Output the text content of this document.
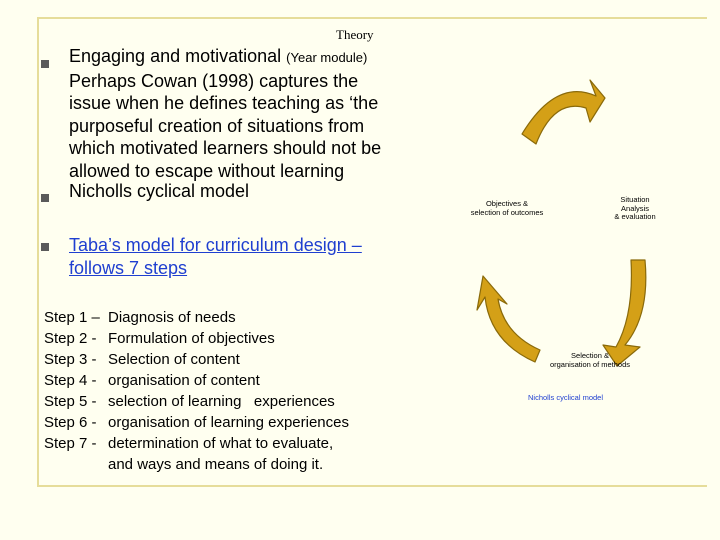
Theory
Engaging and motivational (Year module)
Perhaps Cowan (1998) captures the
issue when he defines teaching as ‘the
purposeful creation of situations from
which motivated learners should not be
allowed to escape without learning
Nicholls cyclical model
Taba’s model for curriculum design –
follows 7 steps
Step 1 – Diagnosis of needs
Step 2 - Formulation of objectives
Step 3 - Selection of content
Step 4 - organisation of content
Step 5 - selection of learning   experiences
Step 6 - organisation of learning experiences
Step 7 - determination of what to evaluate,
and ways and means of doing it.
Objectives &
selection of outcomes
Situation
Analysis
& evaluation
Selection &
organisation of methods
Nicholls cyclical model
